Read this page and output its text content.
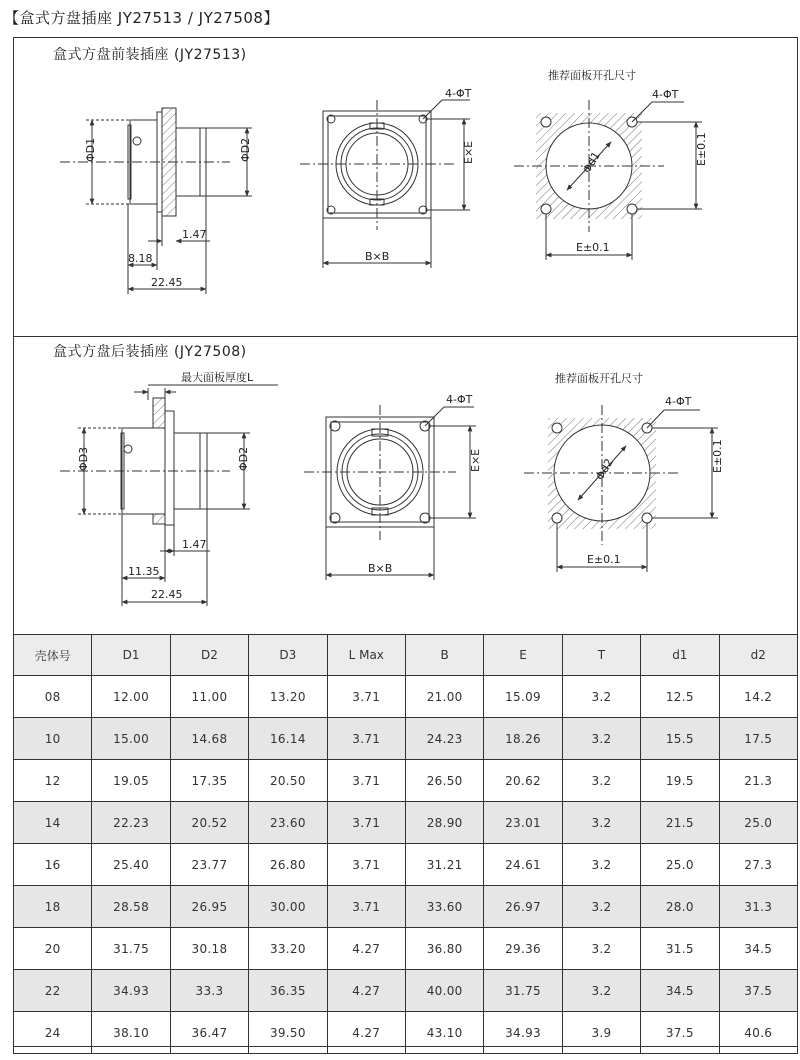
【盒式方盘插座 JY27513 / JY27508】
盒式方盘前装插座 (JY27513)
盒式方盘后装插座 (JY27508)
ΦD1	ΦD2
1.47
8.18
22.45
B×B
E×E
4-ΦT
推荐面板开孔尺寸
4-ΦT
Φd1
E±0.1
E±0.1
最大面板厚度L
ΦD3	ΦD2
1.47
11.35
22.45
B×B
E×E
4-ΦT
推荐面板开孔尺寸
4-ΦT
Φd2
E±0.1
E±0.1
壳体号	D1	D2	D3	L Max	B	E	T	d1	d2
08	12.00	11.00	13.20	3.71	21.00	15.09	3.2	12.5	14.2
10	15.00	14.68	16.14	3.71	24.23	18.26	3.2	15.5	17.5
12	19.05	17.35	20.50	3.71	26.50	20.62	3.2	19.5	21.3
14	22.23	20.52	23.60	3.71	28.90	23.01	3.2	21.5	25.0
16	25.40	23.77	26.80	3.71	31.21	24.61	3.2	25.0	27.3
18	28.58	26.95	30.00	3.71	33.60	26.97	3.2	28.0	31.3
20	31.75	30.18	33.20	4.27	36.80	29.36	3.2	31.5	34.5
22	34.93	33.3	36.35	4.27	40.00	31.75	3.2	34.5	37.5
24	38.10	36.47	39.50	4.27	43.10	34.93	3.9	37.5	40.6
